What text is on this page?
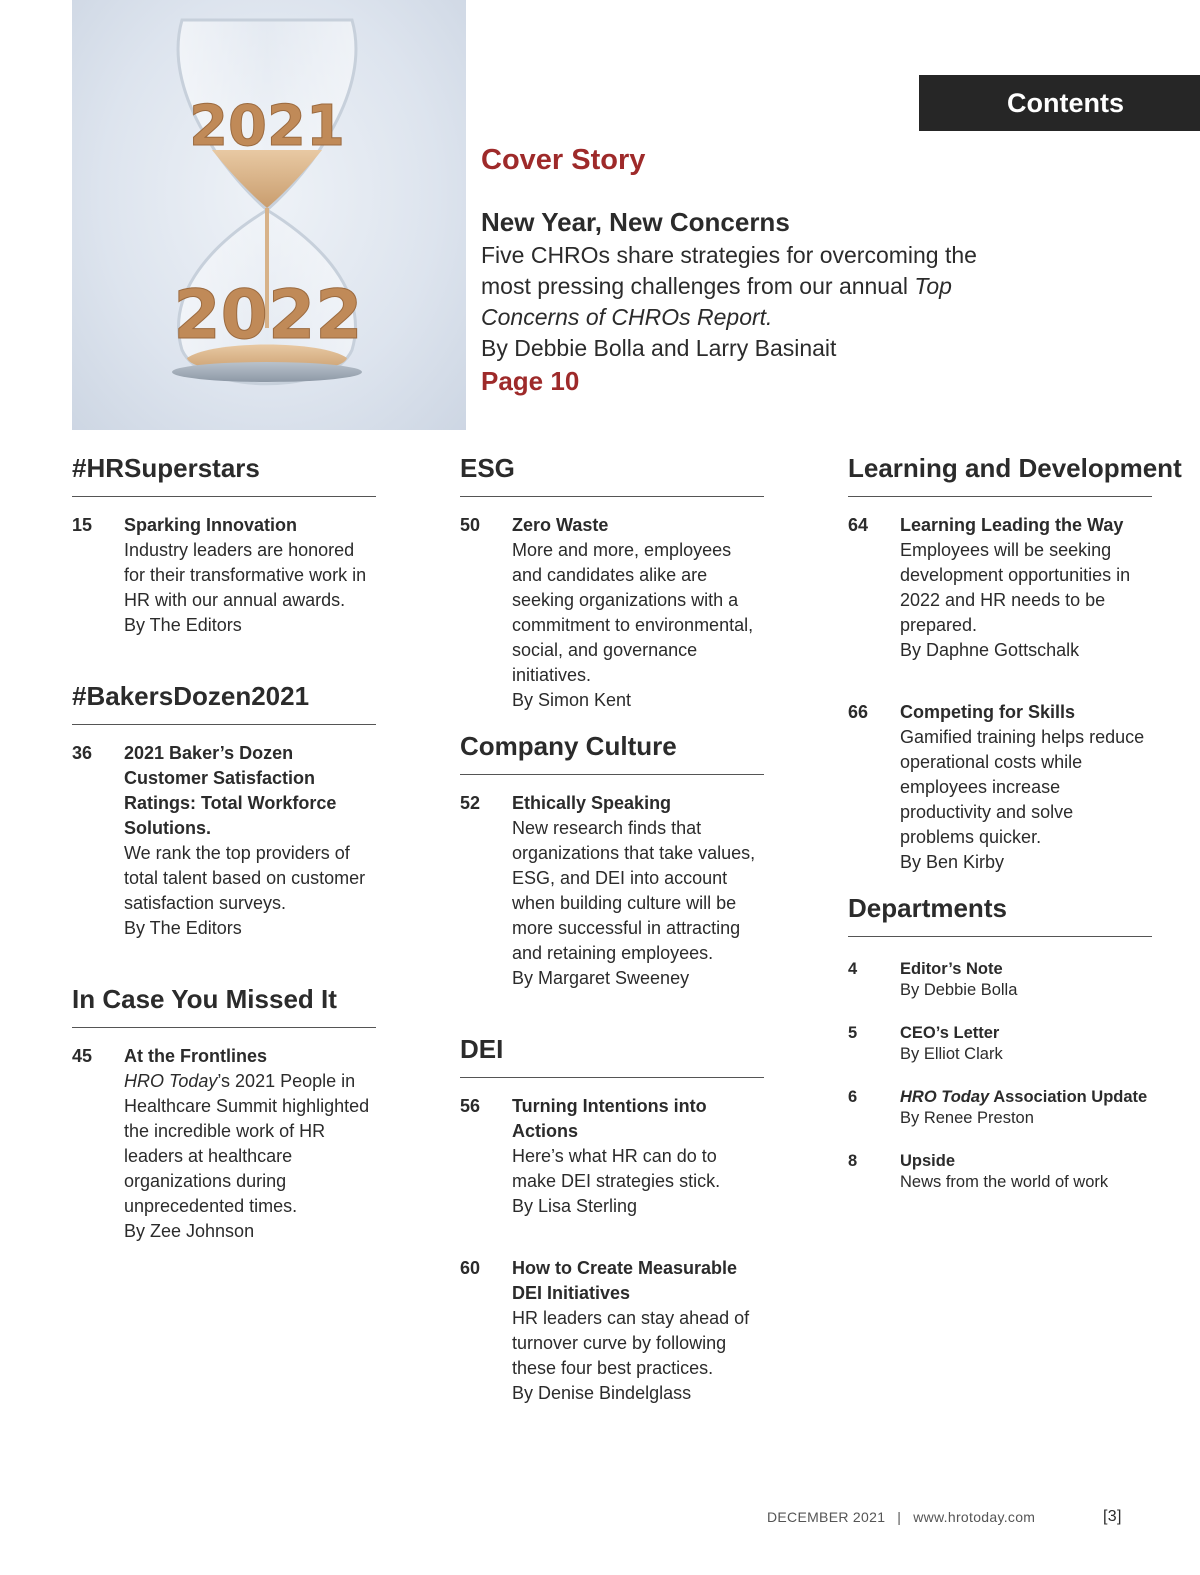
2021
2022
Contents
Cover Story
New Year, New Concerns

Five CHROs share strategies for overcoming the most pressing challenges from our annual Top Concerns of CHROs Report.

By Debbie Bolla and Larry Basinait

Page 10
#HRSuperstars
15 Sparking Innovation
Industry leaders are honored for their transformative work in HR with our annual awards.
By The Editors
#BakersDozen2021
36 2021 Baker’s Dozen Customer Satisfaction Ratings: Total Workforce Solutions.
We rank the top providers of total talent based on customer satisfaction surveys.
By The Editors
In Case You Missed It
45 At the Frontlines
HRO Today’s 2021 People in Healthcare Summit highlighted the incredible work of HR leaders at healthcare organizations during unprecedented times.
By Zee Johnson
ESG
50 Zero Waste
More and more, employees and candidates alike are seeking organizations with a commitment to environmental, social, and governance initiatives.
By Simon Kent
Company Culture
52 Ethically Speaking
New research finds that organizations that take values, ESG, and DEI into account when building culture will be more successful in attracting and retaining employees.
By Margaret Sweeney
DEI
56 Turning Intentions into Actions
Here’s what HR can do to make DEI strategies stick.
By Lisa Sterling
60 How to Create Measurable DEI Initiatives
HR leaders can stay ahead of turnover curve by following these four best practices.
By Denise Bindelglass
Learning and Development
64 Learning Leading the Way
Employees will be seeking development opportunities in 2022 and HR needs to be prepared.
By Daphne Gottschalk
66 Competing for Skills
Gamified training helps reduce operational costs while employees increase productivity and solve problems quicker.
By Ben Kirby
Departments
4	Editor’s Note
By Debbie Bolla
5	CEO’s Letter
By Elliot Clark
6	HRO Today Association Update
By Renee Preston
8	Upside
News from the world of work
DECEMBER 2021 | www.hrotoday.com	[3]
